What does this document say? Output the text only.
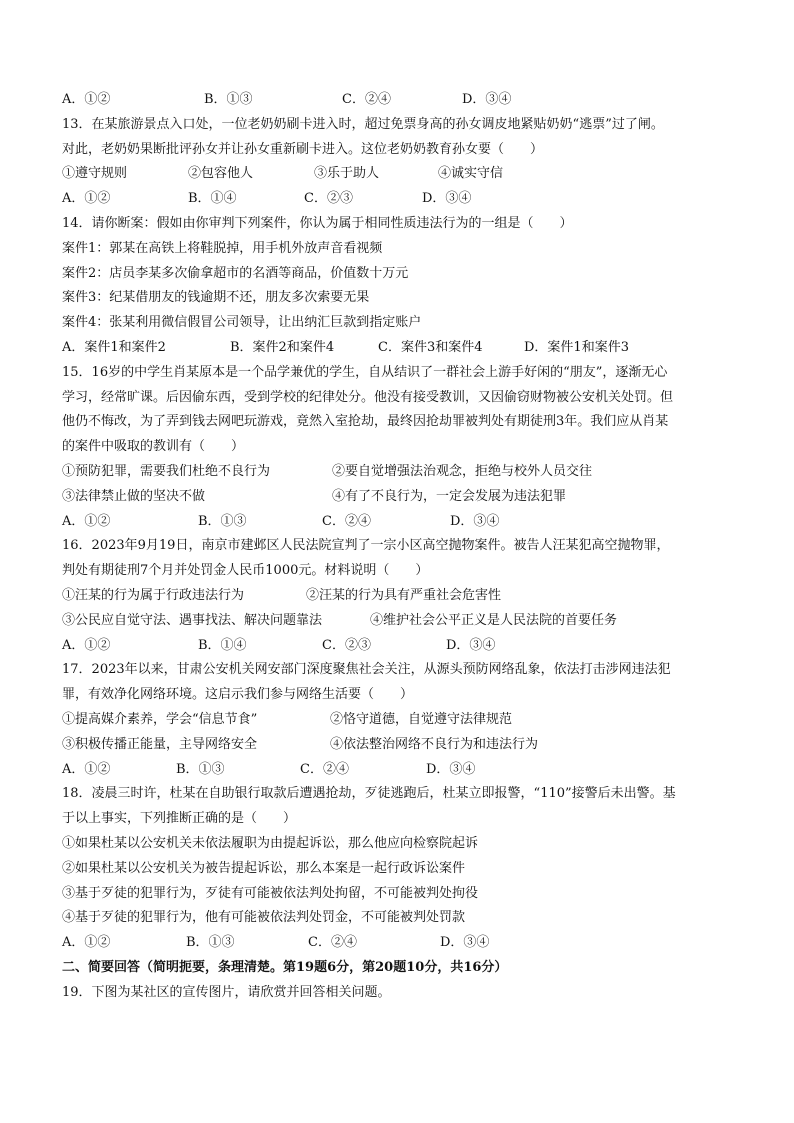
A．①②	B．①③	C．②④	D．③④
13．在某旅游景点入口处，一位老奶奶刷卡进入时，超过免票身高的孙女调皮地紧贴奶奶“逃票”过了闸。
对此，老奶奶果断批评孙女并让孙女重新刷卡进入。这位老奶奶教育孙女要（　　）
①遵守规则	②包容他人	③乐于助人	④诚实守信
A．①②	B．①④	C．②③	D．③④
14．请你断案：假如由你审判下列案件，你认为属于相同性质违法行为的一组是（　　）
案件1：郭某在高铁上将鞋脱掉，用手机外放声音看视频
案件2：店员李某多次偷拿超市的名酒等商品，价值数十万元
案件3：纪某借朋友的钱逾期不还，朋友多次索要无果
案件4：张某利用微信假冒公司领导，让出纳汇巨款到指定账户
A．案件1和案件2	B．案件2和案件4	C．案件3和案件4	D．案件1和案件3
15．16岁的中学生肖某原本是一个品学兼优的学生，自从结识了一群社会上游手好闲的“朋友”，逐渐无心
学习，经常旷课。后因偷东西，受到学校的纪律处分。他没有接受教训，又因偷窃财物被公安机关处罚。但
他仍不悔改，为了弄到钱去网吧玩游戏，竟然入室抢劫，最终因抢劫罪被判处有期徒刑3年。我们应从肖某
的案件中吸取的教训有（　　）
①预防犯罪，需要我们杜绝不良行为	②要自觉增强法治观念，拒绝与校外人员交往
③法律禁止做的坚决不做	④有了不良行为，一定会发展为违法犯罪
A．①②	B．①③	C．②④	D．③④
16．2023年9月19日，南京市建邺区人民法院宣判了一宗小区高空抛物案件。被告人汪某犯高空抛物罪，
判处有期徒刑7个月并处罚金人民币1000元。材料说明（　　）
①汪某的行为属于行政违法行为	②汪某的行为具有严重社会危害性
③公民应自觉守法、遇事找法、解决问题靠法	④维护社会公平正义是人民法院的首要任务
A．①②	B．①④	C．②③	D．③④
17．2023年以来，甘肃公安机关网安部门深度聚焦社会关注，从源头预防网络乱象，依法打击涉网违法犯
罪，有效净化网络环境。这启示我们参与网络生活要（　　）
①提高媒介素养，学会“信息节食”	②恪守道德，自觉遵守法律规范
③积极传播正能量，主导网络安全	④依法整治网络不良行为和违法行为
A．①②	B．①③	C．②④	D．③④
18．凌晨三时许，杜某在自助银行取款后遭遇抢劫，歹徒逃跑后，杜某立即报警，“110”接警后未出警。基
于以上事实，下列推断正确的是（　　）
①如果杜某以公安机关未依法履职为由提起诉讼，那么他应向检察院起诉
②如果杜某以公安机关为被告提起诉讼，那么本案是一起行政诉讼案件
③基于歹徒的犯罪行为，歹徒有可能被依法判处拘留，不可能被判处拘役
④基于歹徒的犯罪行为，他有可能被依法判处罚金，不可能被判处罚款
A．①②	B．①③	C．②④	D．③④
二、简要回答（简明扼要，条理清楚。第19题6分，第20题10分，共16分）
19．下图为某社区的宣传图片，请欣赏并回答相关问题。
